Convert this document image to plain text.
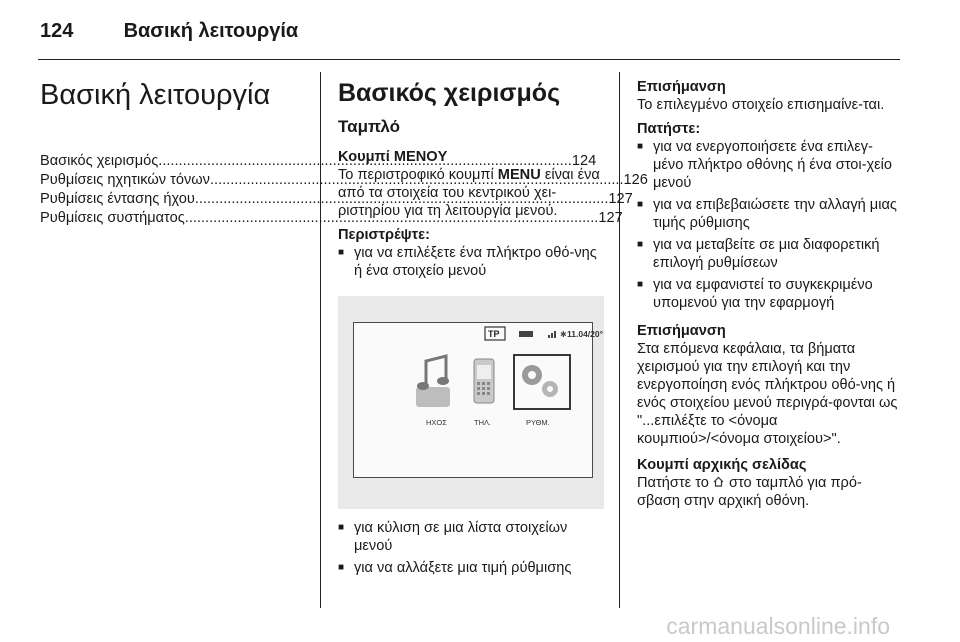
124	Βασική λειτουργία
Βασική λειτουργία
Βασικός χειρισμός .....	124
Ρυθμίσεις ηχητικών τόνων .....	126
Ρυθμίσεις έντασης ήχου .....	127
Ρυθμίσεις συστήματος .....	127
Βασικός χειρισμός
Ταμπλό
Κουμπί MENOY

Το περιστροφικό κουμπί MENU είναι ένα από τα στοιχεία του κεντρικού χει-ριστηρίου για τη λειτουργία μενού.

Περιστρέψτε:
■ για να επιλέξετε ένα πλήκτρο οθό-νης ή ένα στοιχείο μενού
TP	✱ 11.04/20°
ΗΧΟΣ	ΤΗΛ.	ΡΥΘΜ.
■ για κύλιση σε μια λίστα στοιχείων μενού
■ για να αλλάξετε μια τιμή ρύθμισης
Επισήμανση

Το επιλεγμένο στοιχείο επισημαίνε-ται.

Πατήστε:
■ για να ενεργοποιήσετε ένα επιλεγ-μένο πλήκτρο οθόνης ή ένα στοι-χείο μενού
■ για να επιβεβαιώσετε την αλλαγή μιας τιμής ρύθμισης
■ για να μεταβείτε σε μια διαφορετική επιλογή ρυθμίσεων
■ για να εμφανιστεί το συγκεκριμένο υπομενού για την εφαρμογή
Επισήμανση

Στα επόμενα κεφάλαια, τα βήματα χειρισμού για την επιλογή και την ενεργοποίηση ενός πλήκτρου οθό-νης ή ενός στοιχείου μενού περιγρά-φονται ως "...επιλέξτε το <όνομα κουμπιού>/<όνομα στοιχείου>".

Κουμπί αρχικής σελίδας

Πατήστε το  στο ταμπλό για πρό-σβαση στην αρχική οθόνη.

carmanualsonline.info
